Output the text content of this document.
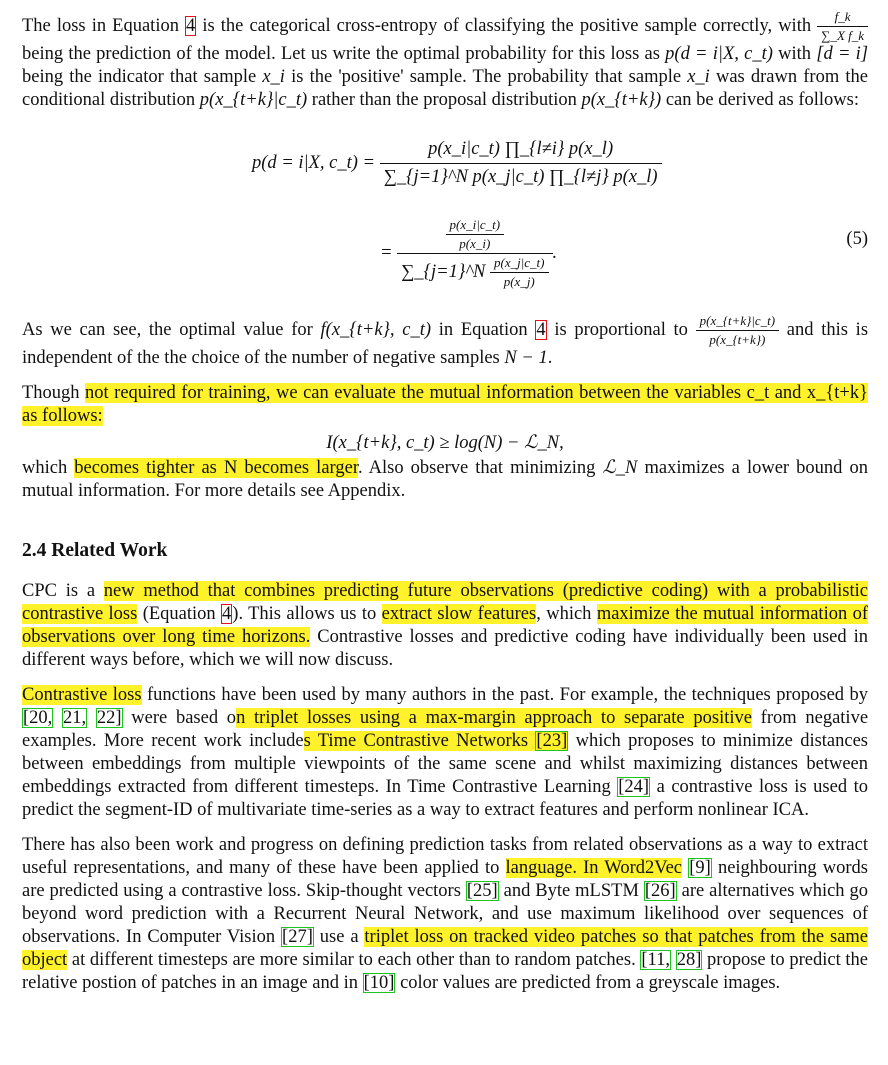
The loss in Equation 4 is the categorical cross-entropy of classifying the positive sample correctly, with $\frac{f\_k}{\text{∑\_X f\_k}}$
being the prediction of the model. Let us write the optimal probability for this loss as p(d = i|X, c_t) with [d = i] being the indicator that sample x_i is the 'positive' sample. The probability that sample x_i was drawn from the conditional distribution p(x_{t+k}|c_t) rather than the proposal distribution p(x_{t+k}) can be derived as follows:

p(d = i|X, c_t) = $\frac{p(x\_i|c\_t) \prod\_\{l\ne i\} p(x\_l)}{\text{∑\_\{j=1\}\textasciicircum{}N p(x\_j|c\_t) ∏\_\{l≠j\} p(x\_l)}}$
= $\frac{\frac{p(x\_i|c\_t)}{p(x\_i)}}{\sum\_\{j=1\}\^{}N \frac{p(x\_j|c\_t)}{p(x\_j)}}$ .
(5)

As we can see, the optimal value for f(x_{t+k}, c_t) in Equation 4 is proportional to $\frac{p(x\_\{t+k\}|c\_t)}{p(x\_\{t+k\})}$ and this is independent of the the choice of the number of negative samples N − 1.

Though not required for training, we can evaluate the mutual information between the variables c_t and x_{t+k} as follows:

I(x_{t+k}, c_t) ≥ log(N) − ℒ_N,

which becomes tighter as N becomes larger. Also observe that minimizing ℒ_N maximizes a lower bound on mutual information. For more details see Appendix.

2.4 Related Work

CPC is a new method that combines predicting future observations (predictive coding) with a probabilistic contrastive loss (Equation 4). This allows us to extract slow features, which maximize the mutual information of observations over long time horizons. Contrastive losses and predictive coding have individually been used in different ways before, which we will now discuss.

Contrastive loss functions have been used by many authors in the past. For example, the techniques proposed by [20, 21, 22] were based on triplet losses using a max-margin approach to separate positive from negative examples. More recent work includes Time Contrastive Networks [23] which proposes to minimize distances between embeddings from multiple viewpoints of the same scene and whilst maximizing distances between embeddings extracted from different timesteps. In Time Contrastive Learning [24] a contrastive loss is used to predict the segment-ID of multivariate time-series as a way to extract features and perform nonlinear ICA.

There has also been work and progress on defining prediction tasks from related observations as a way to extract useful representations, and many of these have been applied to language. In Word2Vec [9] neighbouring words are predicted using a contrastive loss. Skip-thought vectors [25] and Byte mLSTM [26] are alternatives which go beyond word prediction with a Recurrent Neural Network, and use maximum likelihood over sequences of observations. In Computer Vision [27] use a triplet loss on tracked video patches so that patches from the same object at different timesteps are more similar to each other than to random patches. [11, 28] propose to predict the relative postion of patches in an image and in [10] color values are predicted from a greyscale images.
